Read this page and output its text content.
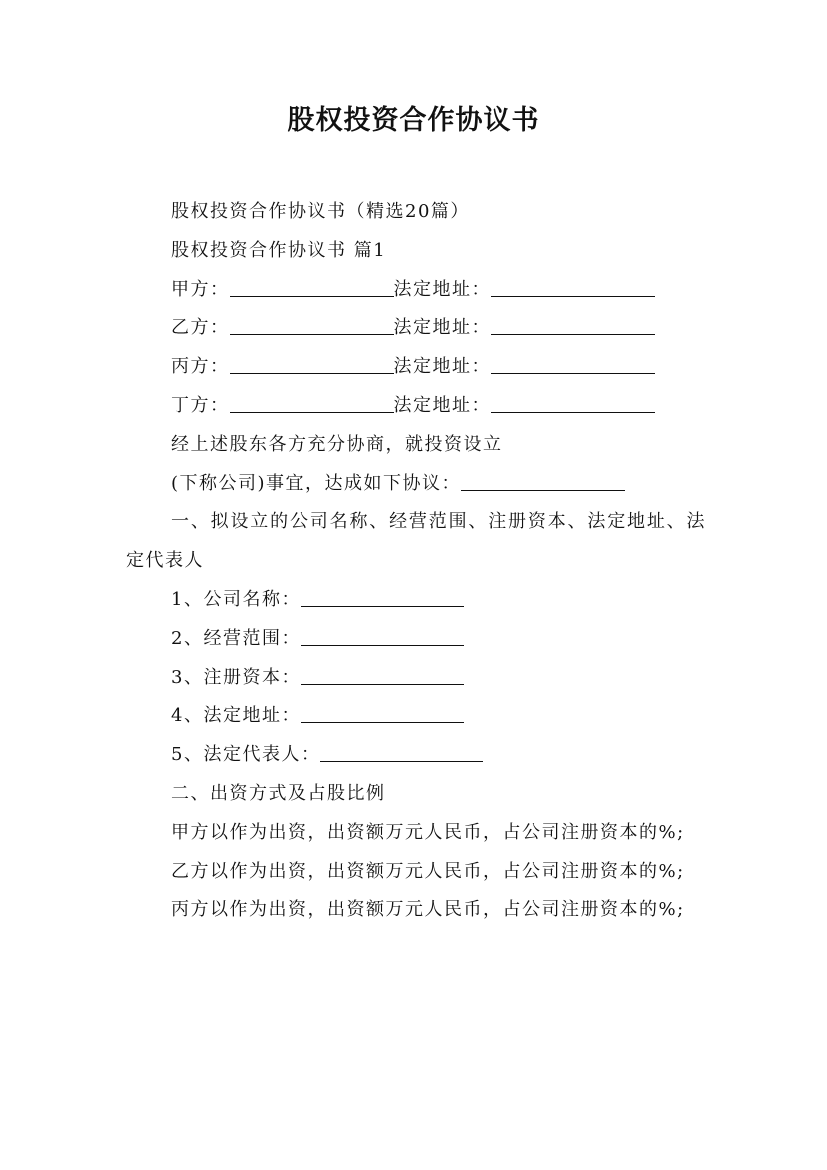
股权投资合作协议书

股权投资合作协议书（精选20篇）

股权投资合作协议书 篇1

甲方：	法定地址：

乙方：	法定地址：

丙方：	法定地址：

丁方：	法定地址：

经上述股东各方充分协商，就投资设立

(下称公司)事宜，达成如下协议：

一、拟设立的公司名称、经营范围、注册资本、法定地址、法定代表人

1、公司名称：

2、经营范围：

3、注册资本：

4、法定地址：

5、法定代表人：

二、出资方式及占股比例

甲方以作为出资，出资额万元人民币，占公司注册资本的%;

乙方以作为出资，出资额万元人民币，占公司注册资本的%;

丙方以作为出资，出资额万元人民币，占公司注册资本的%;
